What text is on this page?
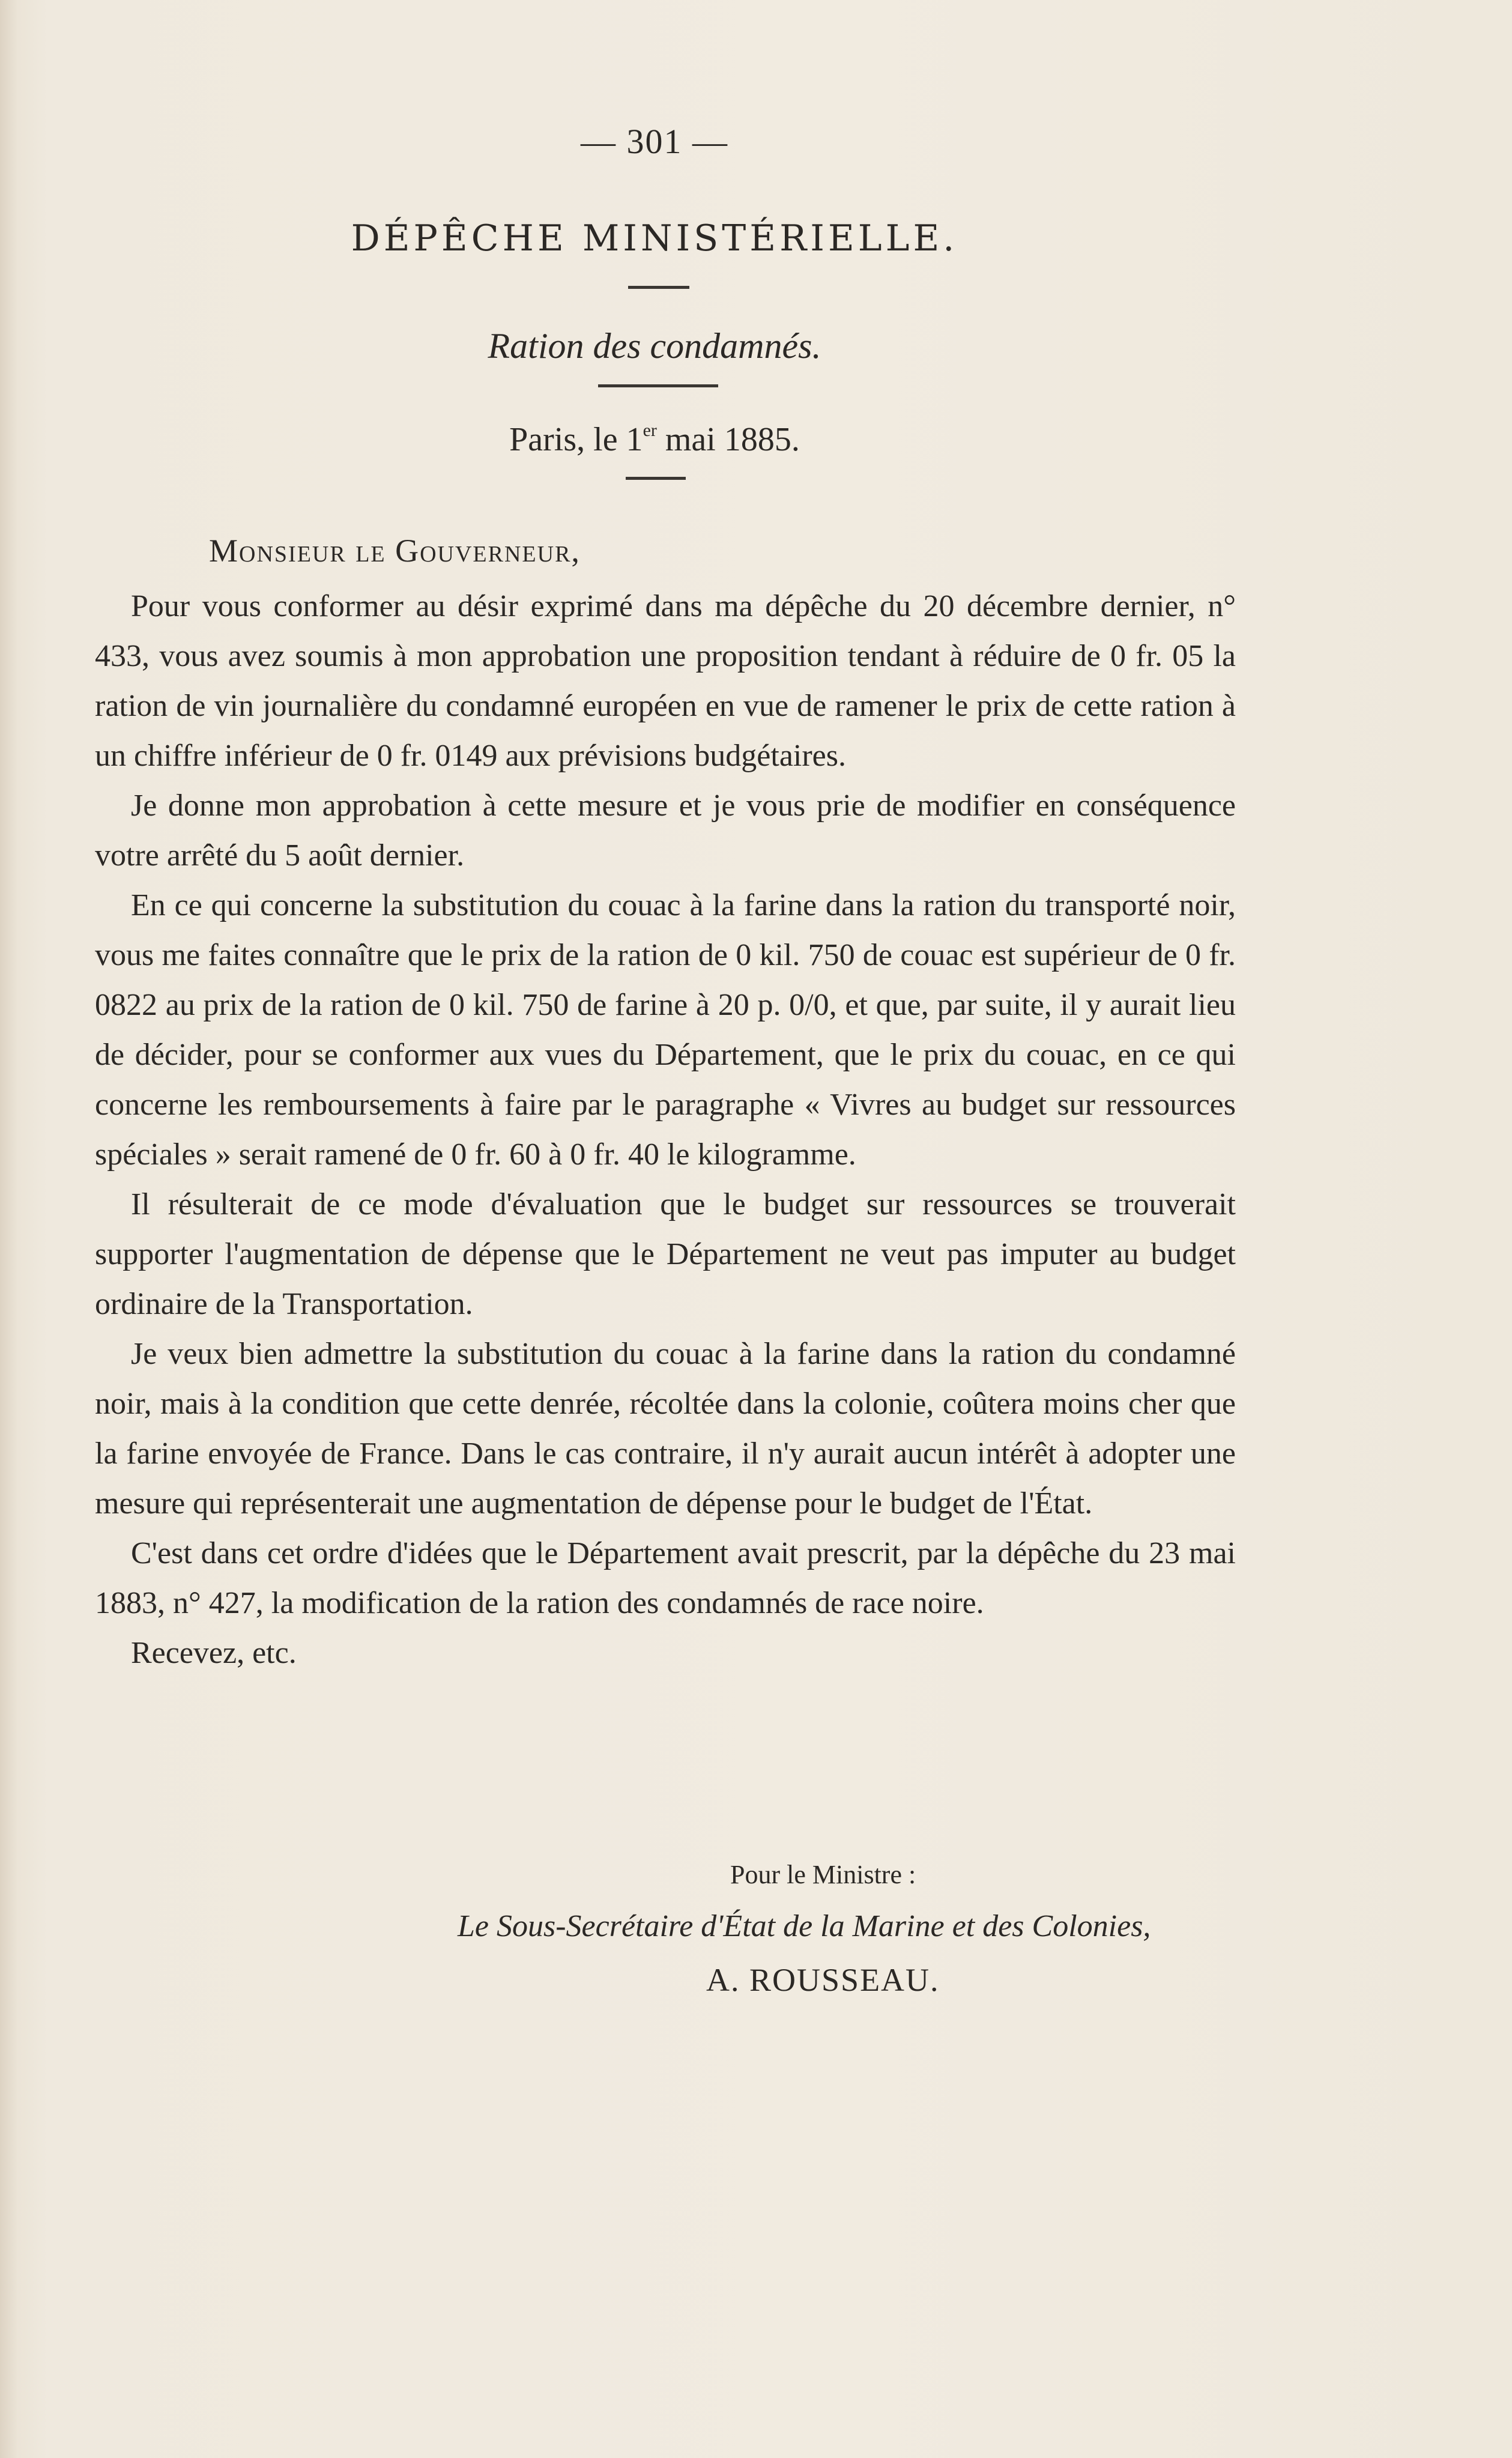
— 301 —
DÉPÊCHE MINISTÉRIELLE.
Ration des condamnés.
Paris, le 1er mai 1885.
Monsieur le Gouverneur,

Pour vous conformer au désir exprimé dans ma dépêche du 20 décembre dernier, n° 433, vous avez soumis à mon approbation une proposition tendant à réduire de 0 fr. 05 la ration de vin journalière du condamné européen en vue de ramener le prix de cette ration à un chiffre inférieur de 0 fr. 0149 aux prévisions budgétaires.

Je donne mon approbation à cette mesure et je vous prie de modifier en conséquence votre arrêté du 5 août dernier.

En ce qui concerne la substitution du couac à la farine dans la ration du transporté noir, vous me faites connaître que le prix de la ration de 0 kil. 750 de couac est supérieur de 0 fr. 0822 au prix de la ration de 0 kil. 750 de farine à 20 p. 0/0, et que, par suite, il y aurait lieu de décider, pour se conformer aux vues du Département, que le prix du couac, en ce qui concerne les remboursements à faire par le paragraphe « Vivres au budget sur ressources spéciales » serait ramené de 0 fr. 60 à 0 fr. 40 le kilogramme.

Il résulterait de ce mode d'évaluation que le budget sur ressources se trouverait supporter l'augmentation de dépense que le Département ne veut pas imputer au budget ordinaire de la Transportation.

Je veux bien admettre la substitution du couac à la farine dans la ration du condamné noir, mais à la condition que cette denrée, récoltée dans la colonie, coûtera moins cher que la farine envoyée de France. Dans le cas contraire, il n'y aurait aucun intérêt à adopter une mesure qui représenterait une augmentation de dépense pour le budget de l'État.

C'est dans cet ordre d'idées que le Département avait prescrit, par la dépêche du 23 mai 1883, n° 427, la modification de la ration des condamnés de race noire.

Recevez, etc.

Pour le Ministre :
Le Sous-Secrétaire d'État de la Marine et des Colonies,
A. ROUSSEAU.
